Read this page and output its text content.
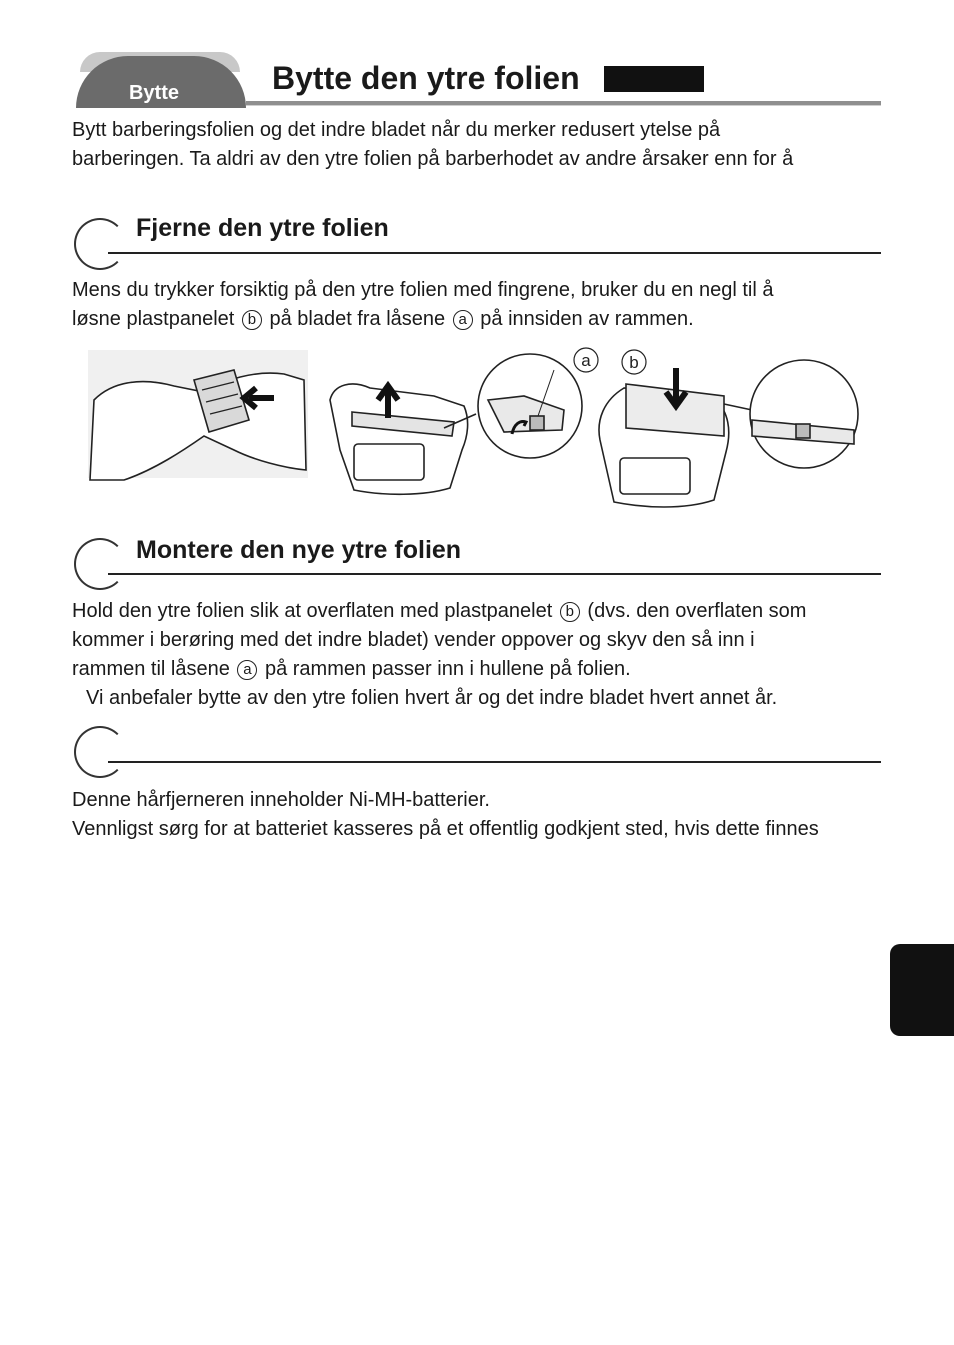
Bytte	Bytte den ytre folien
Bytt barberingsfolien og det indre bladet når du merker redusert ytelse på
barberingen. Ta aldri av den ytre folien på barberhodet av andre årsaker enn for å
Fjerne den ytre folien
Mens du trykker forsiktig på den ytre folien med fingrene, bruker du en negl til å
løsne plastpanelet b på bladet fra låsene a på innsiden av rammen.
a b
Montere den nye ytre folien
Hold den ytre folien slik at overflaten med plastpanelet b (dvs. den overflaten som
kommer i berøring med det indre bladet) vender oppover og skyv den så inn i
rammen til låsene a på rammen passer inn i hullene på folien.
Vi anbefaler bytte av den ytre folien hvert år og det indre bladet hvert annet år.
Denne hårfjerneren inneholder Ni-MH-batterier.
Vennligst sørg for at batteriet kasseres på et offentlig godkjent sted, hvis dette finnes
